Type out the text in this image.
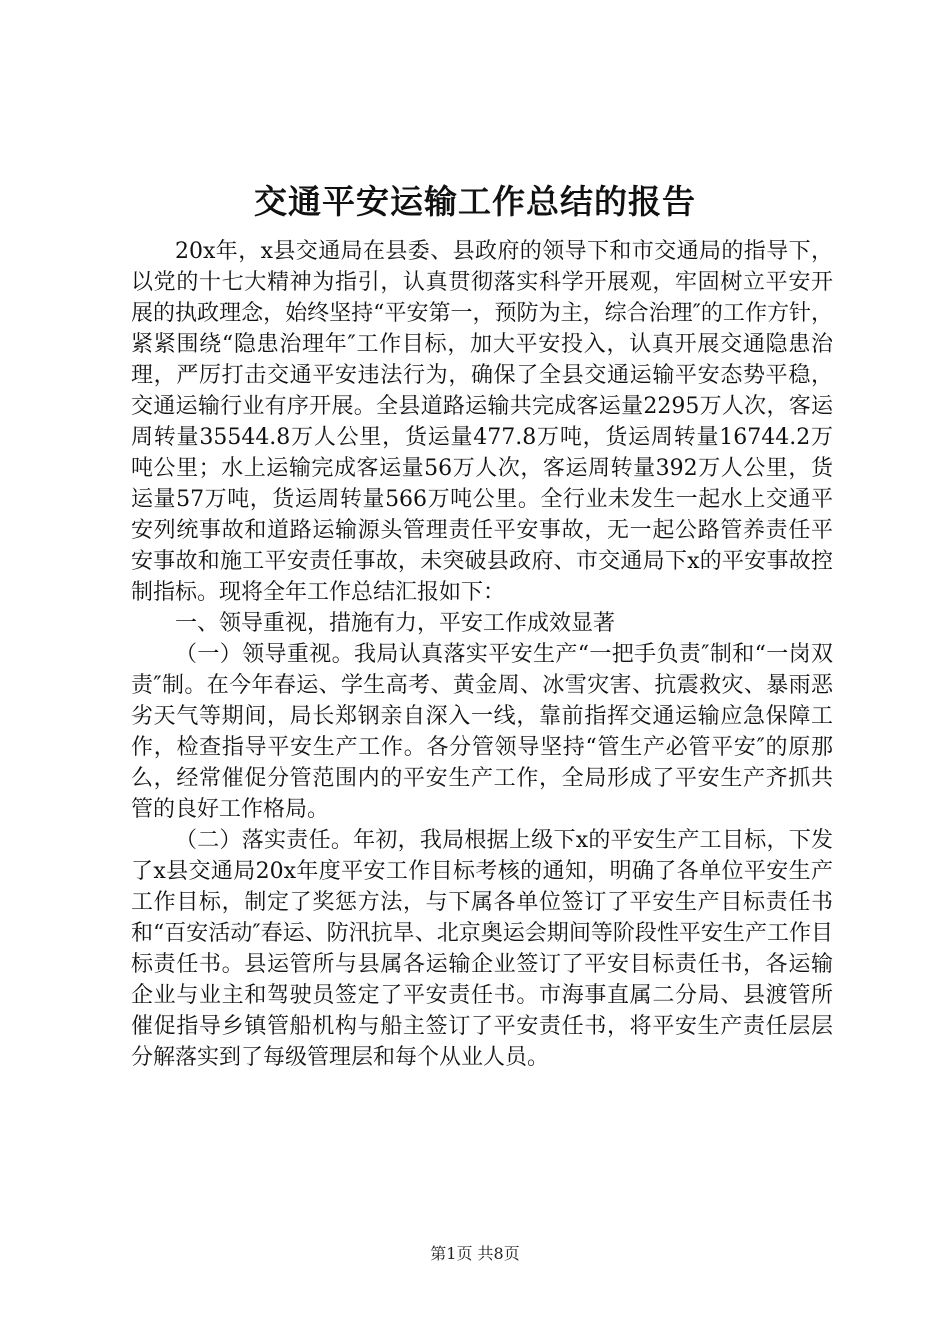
交通平安运输工作总结的报告

20x年，x县交通局在县委、县政府的领导下和市交通局的指导下，以党的十七大精神为指引，认真贯彻落实科学开展观，牢固树立平安开展的执政理念，始终坚持“平安第一，预防为主，综合治理″的工作方针，紧紧围绕“隐患治理年″工作目标，加大平安投入，认真开展交通隐患治理，严厉打击交通平安违法行为，确保了全县交通运输平安态势平稳，交通运输行业有序开展。全县道路运输共完成客运量2295万人次，客运周转量35544.8万人公里，货运量477.8万吨，货运周转量16744.2万吨公里；水上运输完成客运量56万人次，客运周转量392万人公里，货运量57万吨，货运周转量566万吨公里。全行业未发生一起水上交通平安列统事故和道路运输源头管理责任平安事故，无一起公路管养责任平安事故和施工平安责任事故，未突破县政府、市交通局下x的平安事故控制指标。现将全年工作总结汇报如下：

一、领导重视，措施有力，平安工作成效显著

（一）领导重视。我局认真落实平安生产“一把手负责″制和“一岗双责″制。在今年春运、学生高考、黄金周、冰雪灾害、抗震救灾、暴雨恶劣天气等期间，局长郑钢亲自深入一线，靠前指挥交通运输应急保障工作，检查指导平安生产工作。各分管领导坚持“管生产必管平安″的原那么，经常催促分管范围内的平安生产工作，全局形成了平安生产齐抓共管的良好工作格局。

（二）落实责任。年初，我局根据上级下x的平安生产工目标，下发了x县交通局20x年度平安工作目标考核的通知，明确了各单位平安生产工作目标，制定了奖惩方法，与下属各单位签订了平安生产目标责任书和“百安活动″春运、防汛抗旱、北京奥运会期间等阶段性平安生产工作目标责任书。县运管所与县属各运输企业签订了平安目标责任书，各运输企业与业主和驾驶员签定了平安责任书。市海事直属二分局、县渡管所催促指导乡镇管船机构与船主签订了平安责任书，将平安生产责任层层分解落实到了每级管理层和每个从业人员。

第1页 共8页
